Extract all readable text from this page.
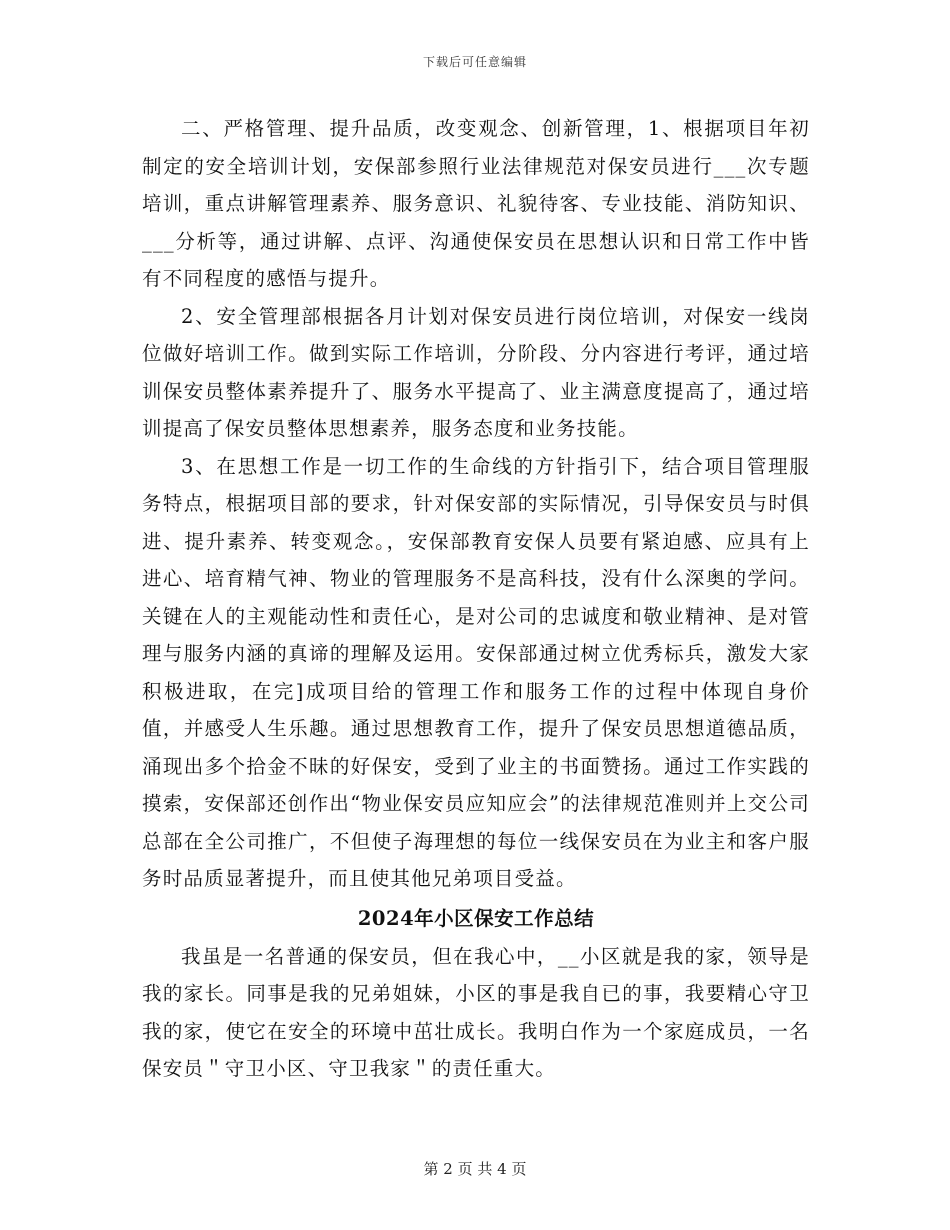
下载后可任意编辑

二、严格管理、提升品质，改变观念、创新管理，1、根据项目年初制定的安全培训计划，安保部参照行业法律规范对保安员进行___次专题培训，重点讲解管理素养、服务意识、礼貌待客、专业技能、消防知识、___分析等，通过讲解、点评、沟通使保安员在思想认识和日常工作中皆有不同程度的感悟与提升。

2、安全管理部根据各月计划对保安员进行岗位培训，对保安一线岗位做好培训工作。做到实际工作培训，分阶段、分内容进行考评，通过培训保安员整体素养提升了、服务水平提高了、业主满意度提高了，通过培训提高了保安员整体思想素养，服务态度和业务技能。

3、在思想工作是一切工作的生命线的方针指引下，结合项目管理服务特点，根据项目部的要求，针对保安部的实际情况，引导保安员与时俱进、提升素养、转变观念。，安保部教育安保人员要有紧迫感、应具有上进心、培育精气神、物业的管理服务不是高科技，没有什么深奥的学问。关键在人的主观能动性和责任心，是对公司的忠诚度和敬业精神、是对管理与服务内涵的真谛的理解及运用。安保部通过树立优秀标兵，激发大家积极进取，在完]成项目给的管理工作和服务工作的过程中体现自身价值，并感受人生乐趣。通过思想教育工作，提升了保安员思想道德品质，涌现出多个拾金不昧的好保安，受到了业主的书面赞扬。通过工作实践的摸索，安保部还创作出“物业保安员应知应会”的法律规范准则并上交公司总部在全公司推广，不但使子海理想的每位一线保安员在为业主和客户服务时品质显著提升，而且使其他兄弟项目受益。

2024年小区保安工作总结

我虽是一名普通的保安员，但在我心中，__小区就是我的家，领导是我的家长。同事是我的兄弟姐妹，小区的事是我自已的事，我要精心守卫我的家，使它在安全的环境中茁壮成长。我明白作为一个家庭成员，一名保安员＂守卫小区、守卫我家＂的责任重大。

第 2 页 共 4 页
